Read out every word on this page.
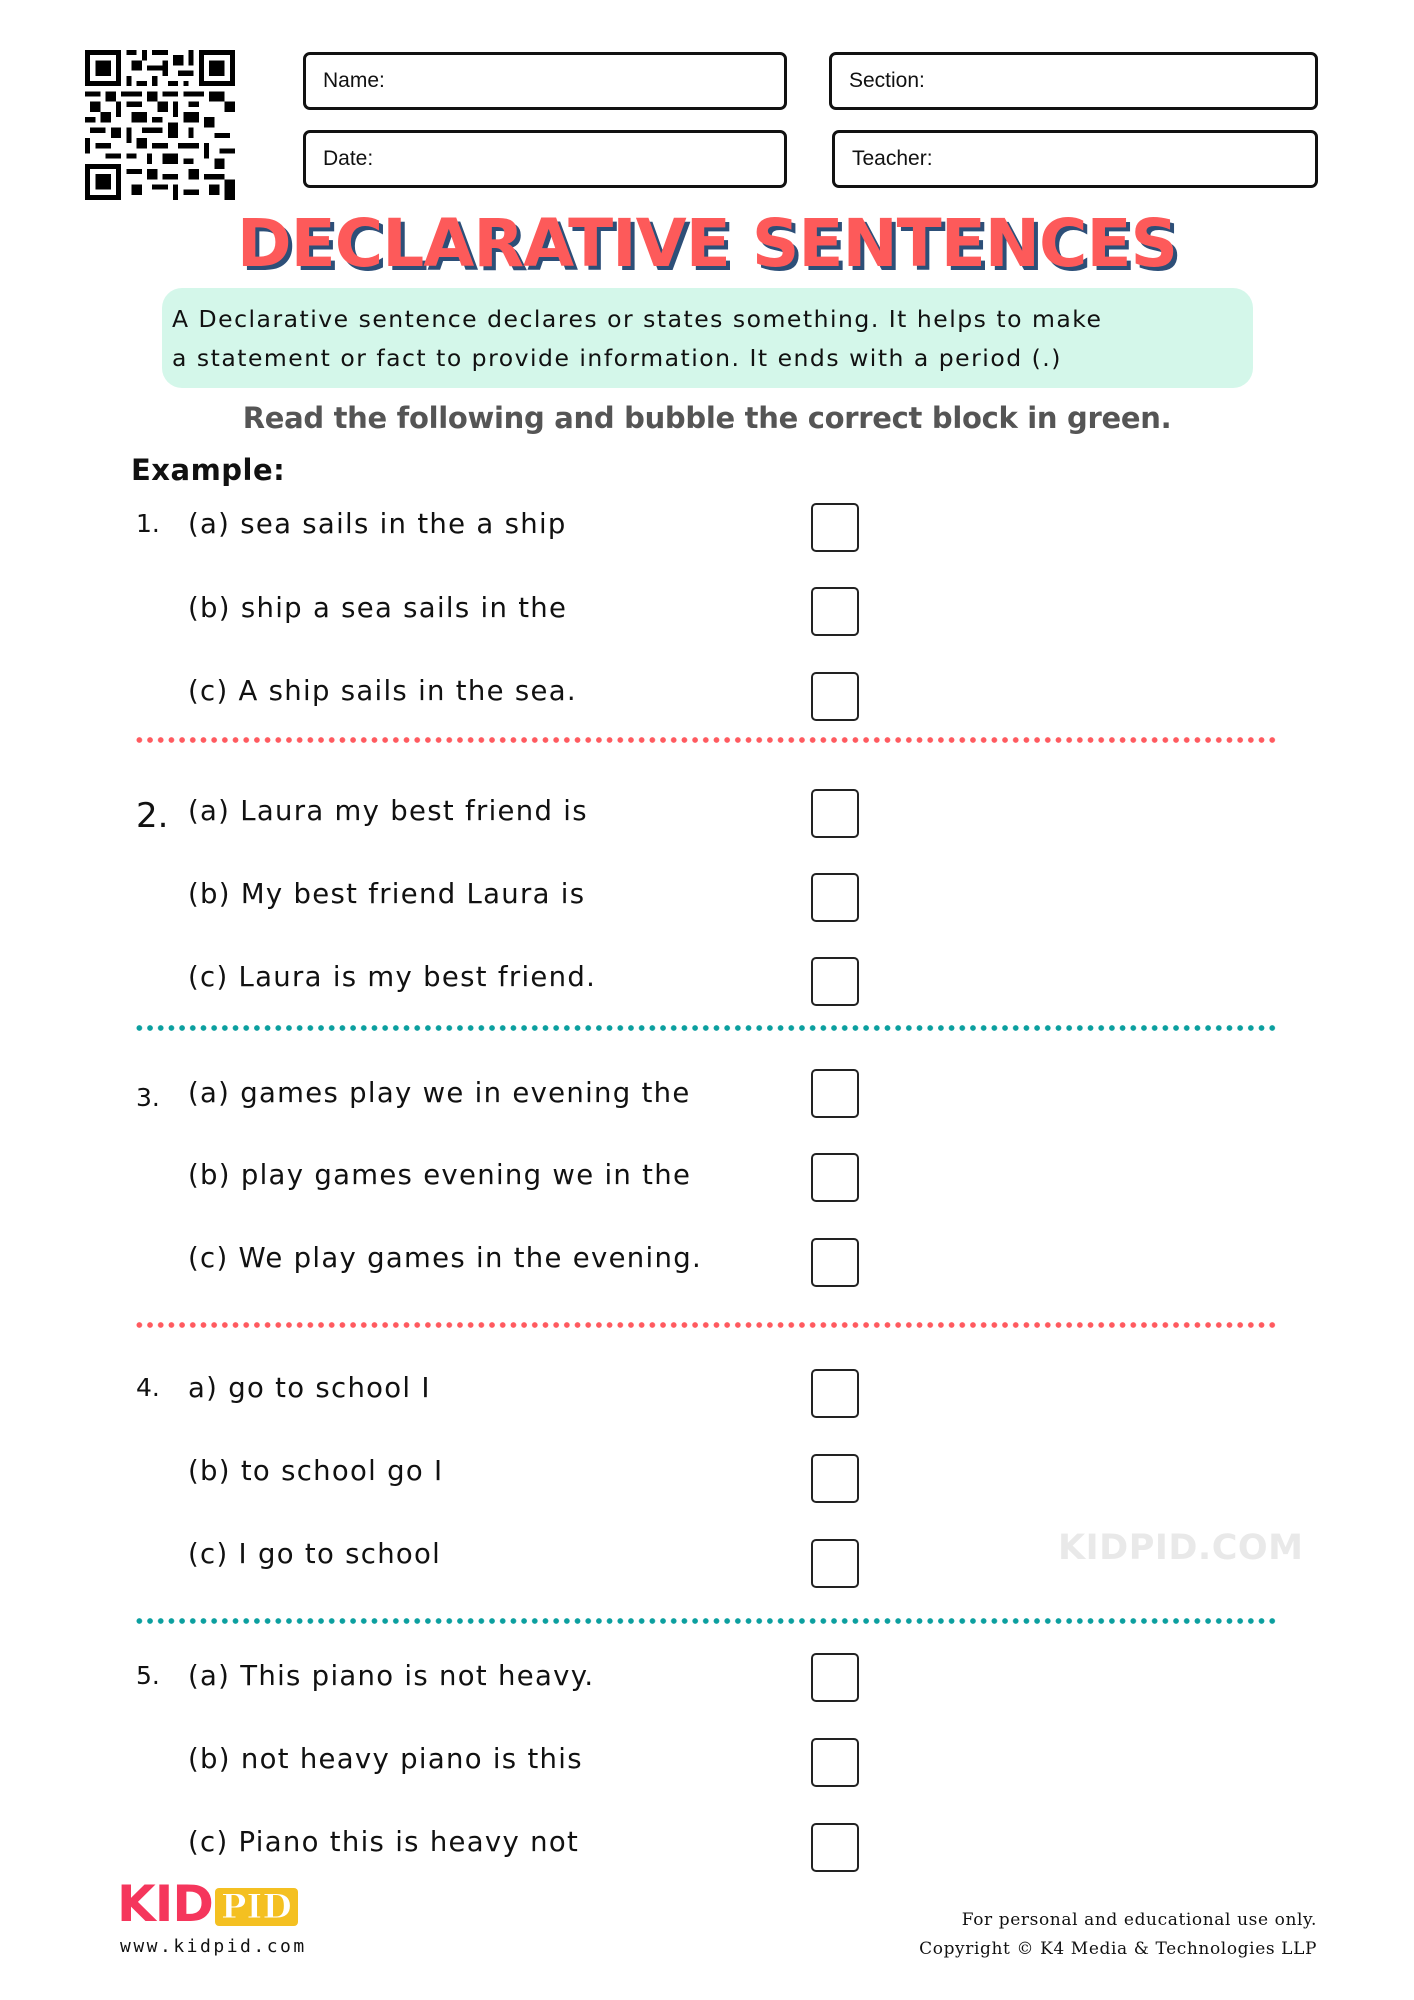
Name:
Date:
Section:
Teacher:
DECLARATIVE SENTENCES

A Declarative sentence declares or states something. It helps to make

a statement or fact to provide information. It ends with a period (.)

Read the following and bubble the correct block in green.
Example:
1. (a) sea sails in the a ship
(b) ship a sea sails in the
(c) A ship sails in the sea.
2. (a) Laura my best friend is
(b) My best friend Laura is
(c) Laura is my best friend.
3. (a) games play we in evening the
(b) play games evening we in the
(c) We play games in the evening.
4. a) go to school I
(b) to school go I
(c) I go to school	KIDPID.COM
5. (a) This piano is not heavy.
(b) not heavy piano is this
(c) Piano this is heavy not
KID PID
www.kidpid.com
For personal and educational use only.
Copyright © K4 Media & Technologies LLP
